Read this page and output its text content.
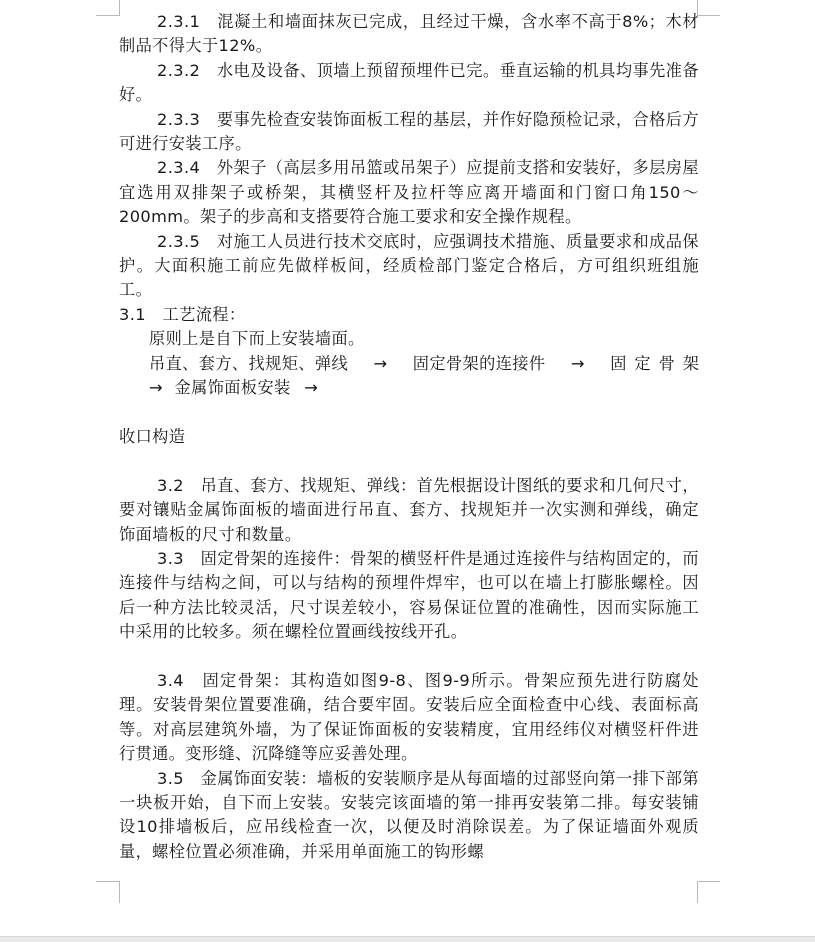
2.3.1　混凝土和墙面抹灰已完成，且经过干燥，含水率不高于8%；木材制品不得大于12%。

2.3.2　水电及设备、顶墙上预留预埋件已完。垂直运输的机具均事先准备好。

2.3.3　要事先检查安装饰面板工程的基层，并作好隐预检记录，合格后方可进行安装工序。

2.3.4　外架子（高层多用吊篮或吊架子）应提前支搭和安装好，多层房屋宜选用双排架子或桥架，其横竖杆及拉杆等应离开墙面和门窗口角150～200mm。架子的步高和支搭要符合施工要求和安全操作规程。

2.3.5　对施工人员进行技术交底时，应强调技术措施、质量要求和成品保护。大面积施工前应先做样板间，经质检部门鉴定合格后，方可组织班组施工。

3.1　工艺流程：

原则上是自下而上安装墙面。

吊直、套方、找规矩、弹线 → 固定骨架的连接件 → 固定骨架
→ 金属饰面板安装 →

收口构造

3.2　吊直、套方、找规矩、弹线：首先根据设计图纸的要求和几何尺寸，要对镶贴金属饰面板的墙面进行吊直、套方、找规矩并一次实测和弹线，确定饰面墙板的尺寸和数量。

3.3　固定骨架的连接件：骨架的横竖杆件是通过连接件与结构固定的，而连接件与结构之间，可以与结构的预埋件焊牢，也可以在墙上打膨胀螺栓。因后一种方法比较灵活，尺寸误差较小，容易保证位置的准确性，因而实际施工中采用的比较多。须在螺栓位置画线按线开孔。

3.4　固定骨架：其构造如图9-8、图9-9所示。骨架应预先进行防腐处理。安装骨架位置要准确，结合要牢固。安装后应全面检查中心线、表面标高等。对高层建筑外墙，为了保证饰面板的安装精度，宜用经纬仪对横竖杆件进行贯通。变形缝、沉降缝等应妥善处理。

3.5　金属饰面安装：墙板的安装顺序是从每面墙的过部竖向第一排下部第一块板开始，自下而上安装。安装完该面墙的第一排再安装第二排。每安装铺设10排墙板后，应吊线检查一次，以便及时消除误差。为了保证墙面外观质量，螺栓位置必须准确，并采用单面施工的钩形螺
